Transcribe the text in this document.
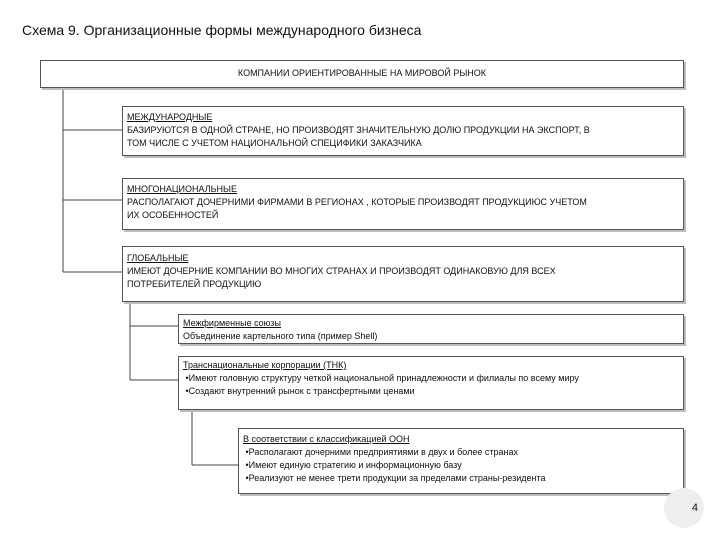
Схема 9. Организационные формы международного бизнеса
КОМПАНИИ ОРИЕНТИРОВАННЫЕ НА МИРОВОЙ РЫНОК
МЕЖДУНАРОДНЫЕ
БАЗИРУЮТСЯ В ОДНОЙ СТРАНЕ, НО ПРОИЗВОДЯТ ЗНАЧИТЕЛЬНУЮ ДОЛЮ ПРОДУКЦИИ НА ЭКСПОРТ, В
ТОМ ЧИСЛЕ С УЧЕТОМ НАЦИОНАЛЬНОЙ СПЕЦИФИКИ ЗАКАЗЧИКА
МНОГОНАЦИОНАЛЬНЫЕ
РАСПОЛАГАЮТ ДОЧЕРНИМИ ФИРМАМИ В РЕГИОНАХ , КОТОРЫЕ ПРОИЗВОДЯТ ПРОДУКЦИЮС УЧЕТОМ
ИХ ОСОБЕННОСТЕЙ
ГЛОБАЛЬНЫЕ
ИМЕЮТ ДОЧЕРНИЕ КОМПАНИИ ВО МНОГИХ СТРАНАХ И ПРОИЗВОДЯТ ОДИНАКОВУЮ ДЛЯ ВСЕХ
ПОТРЕБИТЕЛЕЙ ПРОДУКЦИЮ
Межфирменные союзы
Объединение картельного типа (пример Shell)
Транснациональные корпорации (ТНК)
•Имеют головную структуру четкой национальной принадлежности и филиалы по всему миру
•Создают внутренний рынок с трансфертными ценами
В соответствии с классификацией ООН
•Располагают дочерними предприятиями в двух и более странах
•Имеют единую стратегию и информационную базу
•Реализуют не менее трети продукции за пределами страны-резидента
4
